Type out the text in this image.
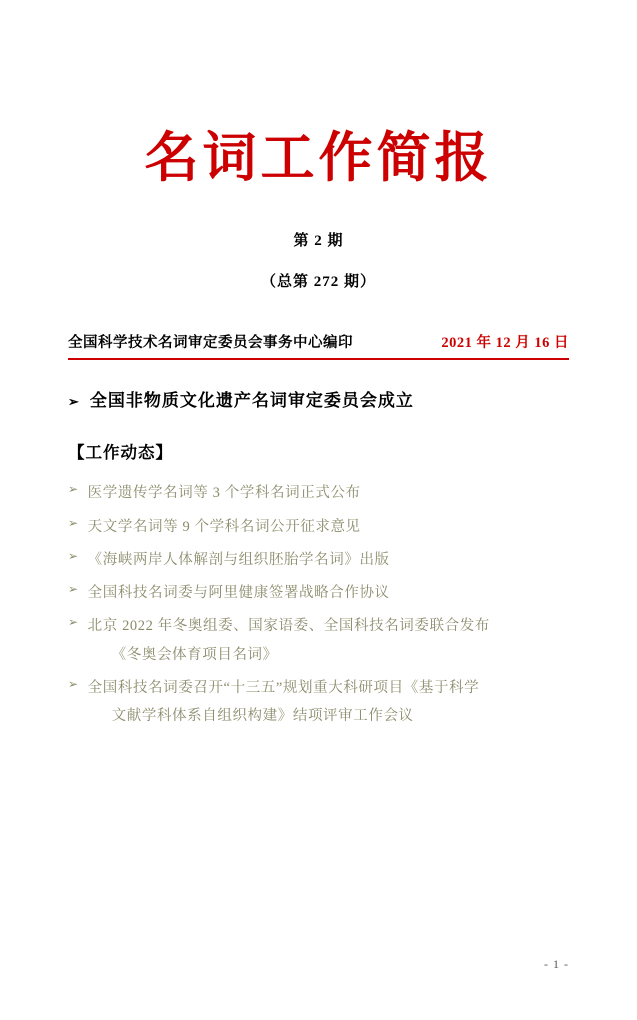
名词工作简报
第 2 期
（总第 272 期）
全国科学技术名词审定委员会事务中心编印	2021 年 12 月 16 日
➢ 全国非物质文化遗产名词审定委员会成立
【工作动态】
➢ 医学遗传学名词等 3 个学科名词正式公布
➢ 天文学名词等 9 个学科名词公开征求意见
➢ 《海峡两岸人体解剖与组织胚胎学名词》出版
➢ 全国科技名词委与阿里健康签署战略合作协议
➢ 北京 2022 年冬奥组委、国家语委、全国科技名词委联合发布
《冬奥会体育项目名词》
➢ 全国科技名词委召开“十三五”规划重大科研项目《基于科学
文献学科体系自组织构建》结项评审工作会议
- 1 -
